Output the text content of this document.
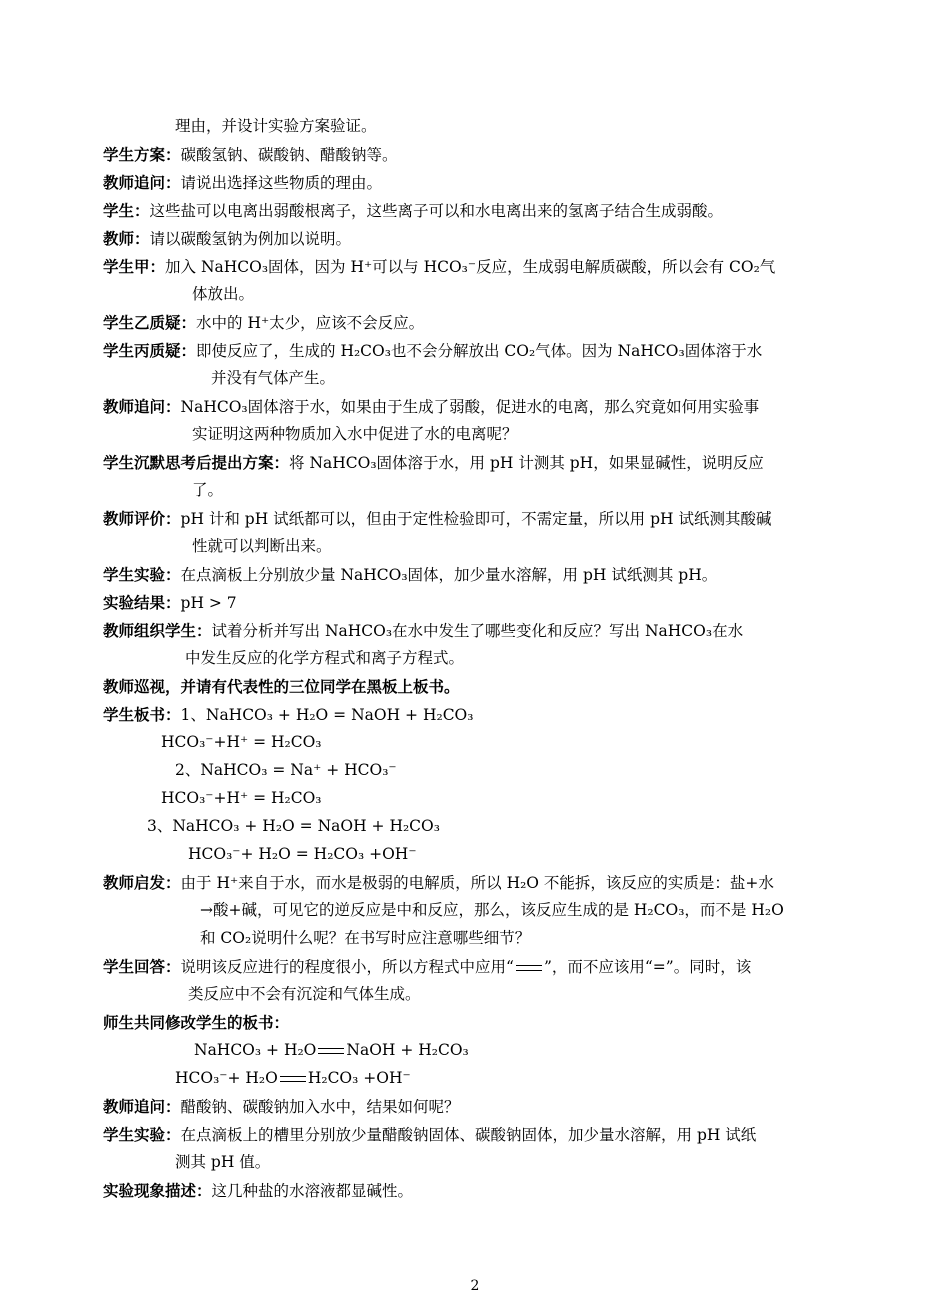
理由，并设计实验方案验证。
学生方案：碳酸氢钠、碳酸钠、醋酸钠等。
教师追问：请说出选择这些物质的理由。
学生：这些盐可以电离出弱酸根离子，这些离子可以和水电离出来的氢离子结合生成弱酸。
教师：请以碳酸氢钠为例加以说明。
学生甲：加入 NaHCO₃固体，因为 H⁺可以与 HCO₃⁻反应，生成弱电解质碳酸，所以会有 CO₂气
体放出。
学生乙质疑：水中的 H⁺太少，应该不会反应。
学生丙质疑：即使反应了，生成的 H₂CO₃也不会分解放出 CO₂气体。因为 NaHCO₃固体溶于水
并没有气体产生。
教师追问：NaHCO₃固体溶于水，如果由于生成了弱酸，促进水的电离，那么究竟如何用实验事
实证明这两种物质加入水中促进了水的电离呢？
学生沉默思考后提出方案：将 NaHCO₃固体溶于水，用 pH 计测其 pH，如果显碱性，说明反应
了。
教师评价：pH 计和 pH 试纸都可以，但由于定性检验即可，不需定量，所以用 pH 试纸测其酸碱
性就可以判断出来。
学生实验：在点滴板上分别放少量 NaHCO₃固体，加少量水溶解，用 pH 试纸测其 pH。
实验结果：pH > 7
教师组织学生：试着分析并写出 NaHCO₃在水中发生了哪些变化和反应？写出 NaHCO₃在水
中发生反应的化学方程式和离子方程式。
教师巡视，并请有代表性的三位同学在黑板上板书。
学生板书：1、NaHCO₃ + H₂O = NaOH + H₂CO₃
HCO₃⁻+H⁺ = H₂CO₃
2、NaHCO₃ = Na⁺ + HCO₃⁻
HCO₃⁻+H⁺ = H₂CO₃
3、NaHCO₃ + H₂O = NaOH + H₂CO₃
HCO₃⁻+ H₂O = H₂CO₃ +OH⁻
教师启发：由于 H⁺来自于水，而水是极弱的电解质，所以 H₂O 不能拆，该反应的实质是：盐+水
→酸+碱，可见它的逆反应是中和反应，那么，该反应生成的是 H₂CO₃，而不是 H₂O
和 CO₂说明什么呢？在书写时应注意哪些细节？
学生回答：说明该反应进行的程度很小，所以方程式中应用“ ”，而不应该用“=”。同时，该
类反应中不会有沉淀和气体生成。
师生共同修改学生的板书：
NaHCO₃ + H₂O NaOH + H₂CO₃
HCO₃⁻+ H₂O H₂CO₃ +OH⁻
教师追问：醋酸钠、碳酸钠加入水中，结果如何呢？
学生实验：在点滴板上的槽里分别放少量醋酸钠固体、碳酸钠固体，加少量水溶解，用 pH 试纸
测其 pH 值。
实验现象描述：这几种盐的水溶液都显碱性。
2
